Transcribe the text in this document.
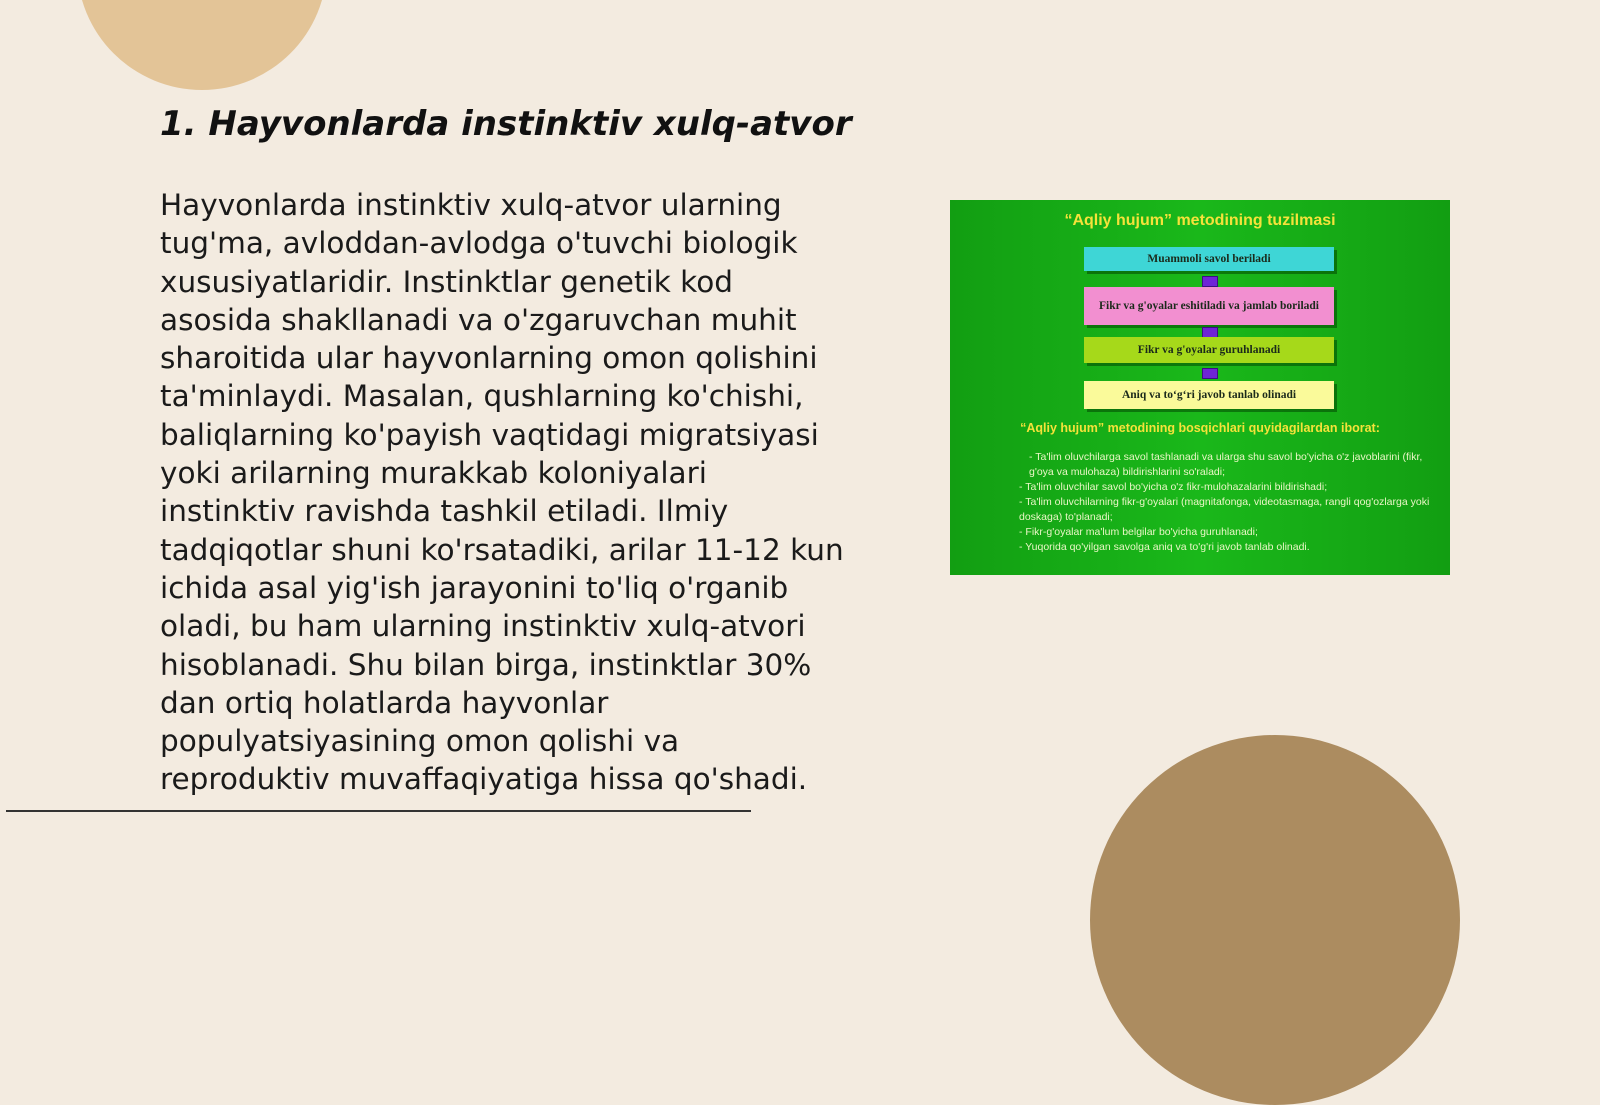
1. Hayvonlarda instinktiv xulq-atvor

Hayvonlarda instinktiv xulq-atvor ularning tug'ma, avloddan-avlodga o'tuvchi biologik xususiyatlaridir. Instinktlar genetik kod asosida shakllanadi va o'zgaruvchan muhit sharoitida ular hayvonlarning omon qolishini ta'minlaydi. Masalan, qushlarning ko'chishi, baliqlarning ko'payish vaqtidagi migratsiyasi yoki arilarning murakkab koloniyalari instinktiv ravishda tashkil etiladi. Ilmiy tadqiqotlar shuni ko'rsatadiki, arilar 11-12 kun ichida asal yig'ish jarayonini to'liq o'rganib oladi, bu ham ularning instinktiv xulq-atvori hisoblanadi. Shu bilan birga, instinktlar 30% dan ortiq holatlarda hayvonlar populyatsiyasining omon qolishi va reproduktiv muvaffaqiyatiga hissa qo'shadi.

“Aqliy hujum” metodining tuzilmasi
Muammoli savol beriladi
Fikr va g'oyalar eshitiladi va jamlab boriladi
Fikr va g'oyalar guruhlanadi
Aniq va to‘g‘ri javob tanlab olinadi
“Aqliy hujum” metodining bosqichlari quyidagilardan iborat:

- Ta'lim oluvchilarga savol tashlanadi va ularga shu savol bo'yicha o'z javoblarini (fikr, g'oya va mulohaza) bildirishlarini so'raladi;

- Ta'lim oluvchilar savol bo'yicha o'z fikr-mulohazalarini bildirishadi;

- Ta'lim oluvchilarning fikr-g'oyalari (magnitafonga, videotasmaga, rangli qog'ozlarga yoki doskaga) to'planadi;

- Fikr-g'oyalar ma'lum belgilar bo'yicha guruhlanadi;

- Yuqorida qo'yilgan savolga aniq va to'g'ri javob tanlab olinadi.
